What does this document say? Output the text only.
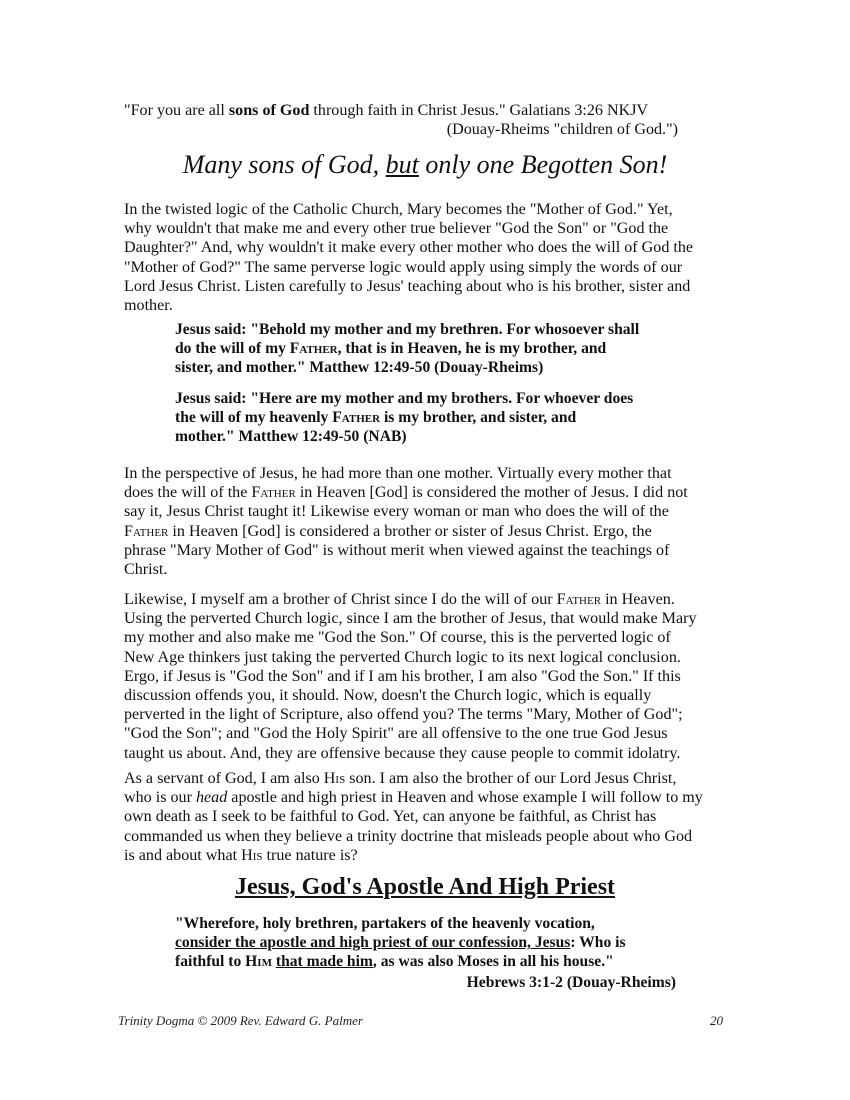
"For you are all sons of God through faith in Christ Jesus." Galatians 3:26 NKJV
(Douay-Rheims "children of God.")
Many sons of God, but only one Begotten Son!

In the twisted logic of the Catholic Church, Mary becomes the "Mother of God." Yet,

why wouldn't that make me and every other true believer "God the Son" or "God the

Daughter?" And, why wouldn't it make every other mother who does the will of God the

"Mother of God?" The same perverse logic would apply using simply the words of our

Lord Jesus Christ. Listen carefully to Jesus' teaching about who is his brother, sister and

mother.

Jesus said: "Behold my mother and my brethren. For whosoever shall

do the will of my Father, that is in Heaven, he is my brother, and

sister, and mother." Matthew 12:49-50 (Douay-Rheims)

Jesus said: "Here are my mother and my brothers. For whoever does

the will of my heavenly Father is my brother, and sister, and

mother." Matthew 12:49-50 (NAB)

In the perspective of Jesus, he had more than one mother. Virtually every mother that

does the will of the Father in Heaven [God] is considered the mother of Jesus. I did not

say it, Jesus Christ taught it! Likewise every woman or man who does the will of the

Father in Heaven [God] is considered a brother or sister of Jesus Christ. Ergo, the

phrase "Mary Mother of God" is without merit when viewed against the teachings of

Christ.

Likewise, I myself am a brother of Christ since I do the will of our Father in Heaven.

Using the perverted Church logic, since I am the brother of Jesus, that would make Mary

my mother and also make me "God the Son." Of course, this is the perverted logic of

New Age thinkers just taking the perverted Church logic to its next logical conclusion.

Ergo, if Jesus is "God the Son" and if I am his brother, I am also "God the Son." If this

discussion offends you, it should. Now, doesn't the Church logic, which is equally

perverted in the light of Scripture, also offend you? The terms "Mary, Mother of God";

"God the Son"; and "God the Holy Spirit" are all offensive to the one true God Jesus

taught us about. And, they are offensive because they cause people to commit idolatry.

As a servant of God, I am also His son. I am also the brother of our Lord Jesus Christ,

who is our head apostle and high priest in Heaven and whose example I will follow to my

own death as I seek to be faithful to God. Yet, can anyone be faithful, as Christ has

commanded us when they believe a trinity doctrine that misleads people about who God

is and about what His true nature is?

Jesus, God's Apostle And High Priest

"Wherefore, holy brethren, partakers of the heavenly vocation,

consider the apostle and high priest of our confession, Jesus: Who is

faithful to Him that made him, as was also Moses in all his house."

Hebrews 3:1-2 (Douay-Rheims)
Trinity Dogma © 2009 Rev. Edward G. Palmer	20
